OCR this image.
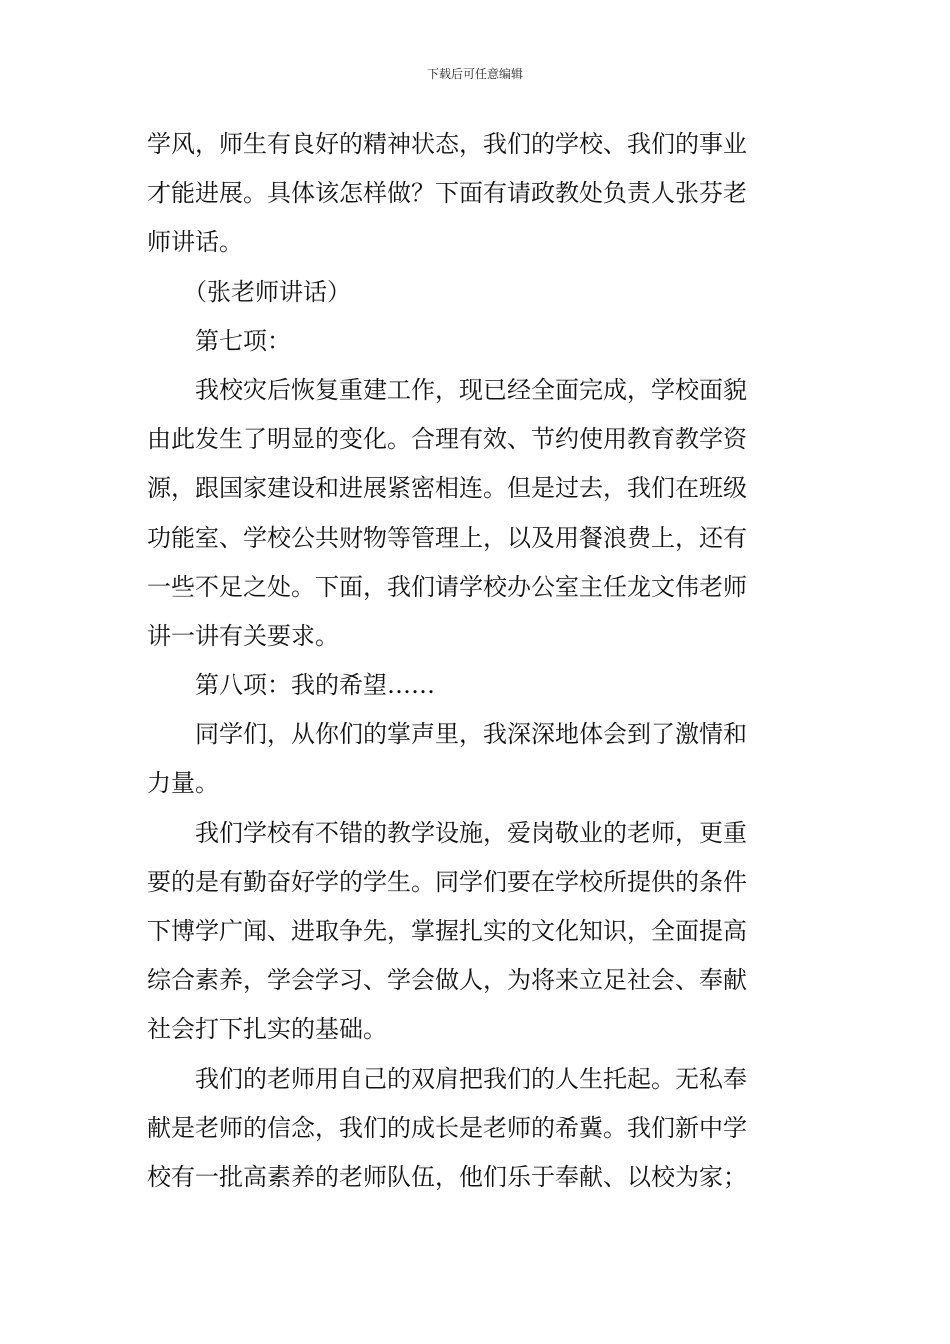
下载后可任意编辑
学风，师生有良好的精神状态，我们的学校、我们的事业
才能进展。具体该怎样做？下面有请政教处负责人张芬老
师讲话。
（张老师讲话）
第七项：
我校灾后恢复重建工作，现已经全面完成，学校面貌
由此发生了明显的变化。合理有效、节约使用教育教学资
源，跟国家建设和进展紧密相连。但是过去，我们在班级
功能室、学校公共财物等管理上，以及用餐浪费上，还有
一些不足之处。下面，我们请学校办公室主任龙文伟老师
讲一讲有关要求。
第八项：我的希望……
同学们，从你们的掌声里，我深深地体会到了激情和
力量。
我们学校有不错的教学设施，爱岗敬业的老师，更重
要的是有勤奋好学的学生。同学们要在学校所提供的条件
下博学广闻、进取争先，掌握扎实的文化知识，全面提高
综合素养，学会学习、学会做人，为将来立足社会、奉献
社会打下扎实的基础。
我们的老师用自己的双肩把我们的人生托起。无私奉
献是老师的信念，我们的成长是老师的希冀。我们新中学
校有一批高素养的老师队伍，他们乐于奉献、以校为家；
